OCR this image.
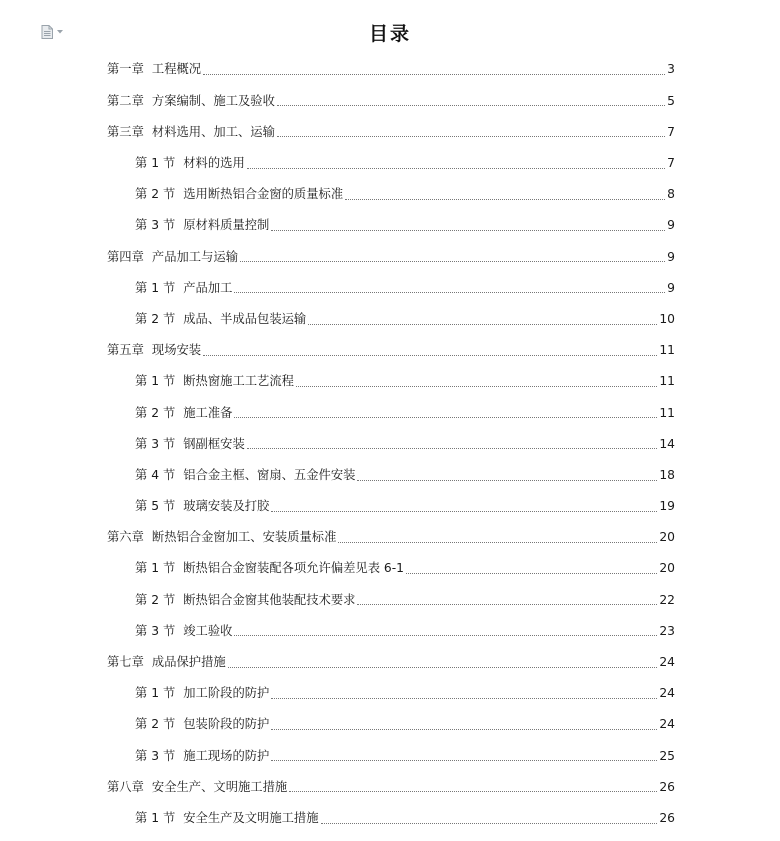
目录
第一章 工程概况	3
第二章 方案编制、施工及验收	5
第三章 材料选用、加工、运输	7
第 1 节 材料的选用	7
第 2 节 选用断热铝合金窗的质量标准	8
第 3 节 原材料质量控制	9
第四章 产品加工与运输	9
第 1 节 产品加工	9
第 2 节 成品、半成品包装运输	10
第五章 现场安装	11
第 1 节 断热窗施工工艺流程	11
第 2 节 施工准备	11
第 3 节 钢副框安装	14
第 4 节 铝合金主框、窗扇、五金件安装	18
第 5 节 玻璃安装及打胶	19
第六章 断热铝合金窗加工、安装质量标准	20
第 1 节 断热铝合金窗装配各项允许偏差见表 6-1	20
第 2 节 断热铝合金窗其他装配技术要求	22
第 3 节 竣工验收	23
第七章 成品保护措施	24
第 1 节 加工阶段的防护	24
第 2 节 包装阶段的防护	24
第 3 节 施工现场的防护	25
第八章 安全生产、文明施工措施	26
第 1 节 安全生产及文明施工措施	26
